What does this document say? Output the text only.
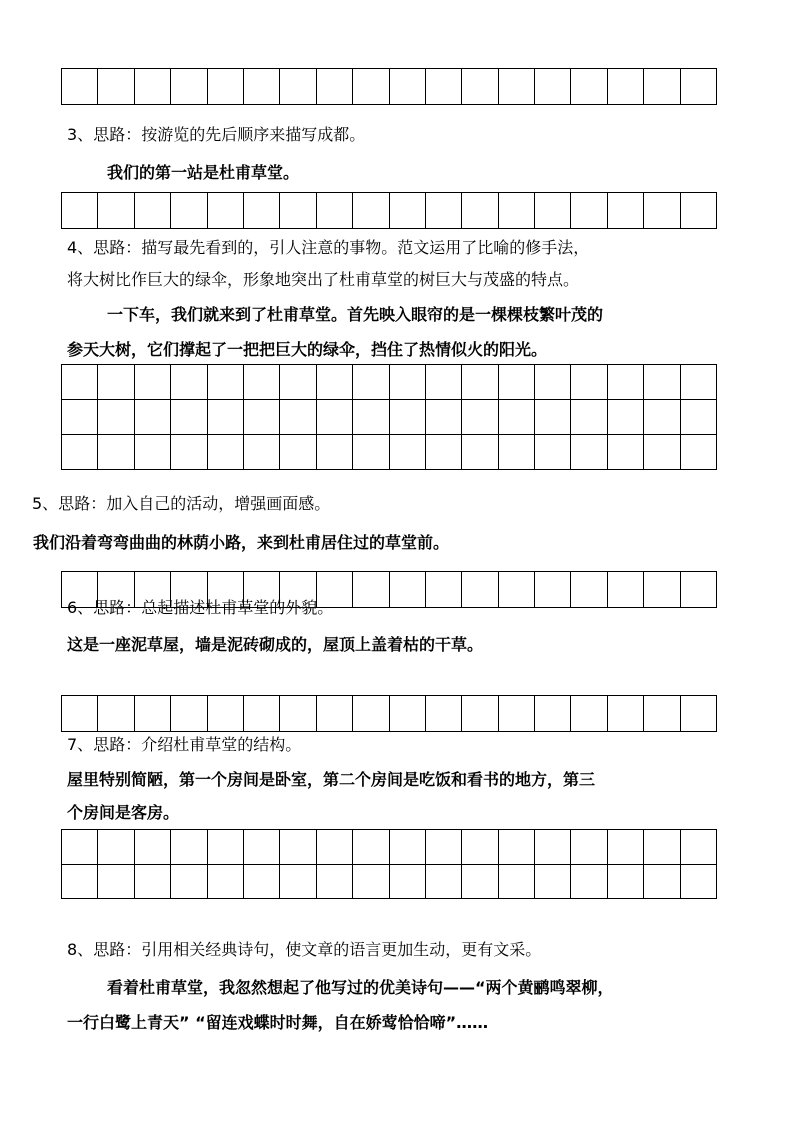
3、思路：按游览的先后顺序来描写成都。
我们的第一站是杜甫草堂。
4、思路：描写最先看到的，引人注意的事物。范文运用了比喻的修手法，
将大树比作巨大的绿伞，形象地突出了杜甫草堂的树巨大与茂盛的特点。
一下车，我们就来到了杜甫草堂。首先映入眼帘的是一棵棵枝繁叶茂的
参天大树，它们撑起了一把把巨大的绿伞，挡住了热情似火的阳光。
5、思路：加入自己的活动，增强画面感。
我们沿着弯弯曲曲的林荫小路，来到杜甫居住过的草堂前。
6、思路：总起描述杜甫草堂的外貌。
这是一座泥草屋，墙是泥砖砌成的，屋顶上盖着枯的干草。
7、思路：介绍杜甫草堂的结构。
屋里特别简陋，第一个房间是卧室，第二个房间是吃饭和看书的地方，第三
个房间是客房。
8、思路：引用相关经典诗句，使文章的语言更加生动，更有文采。
看着杜甫草堂，我忽然想起了他写过的优美诗句——“两个黄鹂鸣翠柳，
一行白鹭上青天” “留连戏蝶时时舞，自在娇莺恰恰啼”……
